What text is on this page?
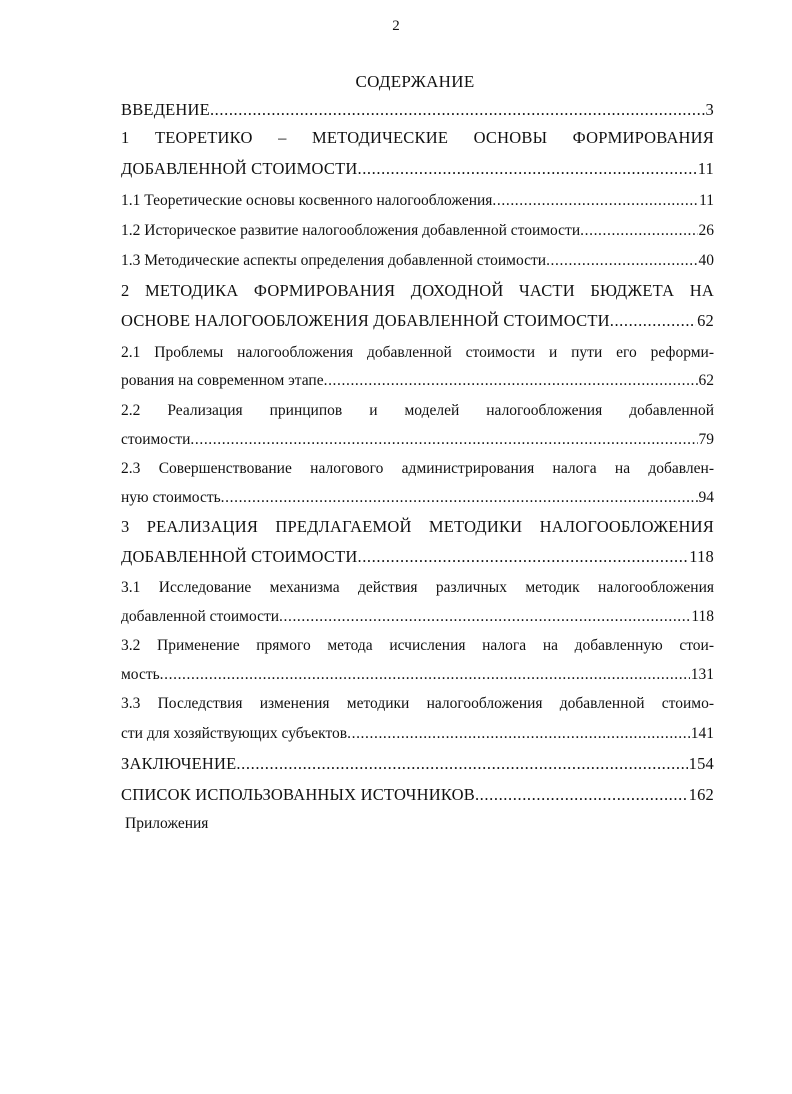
2
СОДЕРЖАНИЕ
ВВЕДЕНИЕ .....	3
1 ТЕОРЕТИКО – МЕТОДИЧЕСКИЕ ОСНОВЫ ФОРМИРОВАНИЯ
ДОБАВЛЕННОЙ СТОИМОСТИ .....	11
1.1 Теоретические основы косвенного налогообложения .....	11
1.2 Историческое развитие налогообложения добавленной стоимости .....	26
1.3 Методические аспекты определения добавленной стоимости .....	40
2 МЕТОДИКА ФОРМИРОВАНИЯ ДОХОДНОЙ ЧАСТИ БЮДЖЕТА НА
ОСНОВЕ НАЛОГООБЛОЖЕНИЯ ДОБАВЛЕННОЙ СТОИМОСТИ .....	62
2.1 Проблемы налогообложения добавленной стоимости и пути его реформи-
рования на современном этапе .....	62
2.2 Реализация принципов и моделей налогообложения добавленной
стоимости .....	79
2.3 Совершенствование налогового администрирования налога на добавлен-
ную стоимость .....	94
3 РЕАЛИЗАЦИЯ ПРЕДЛАГАЕМОЙ МЕТОДИКИ НАЛОГООБЛОЖЕНИЯ
ДОБАВЛЕННОЙ СТОИМОСТИ .....	118
3.1 Исследование механизма действия различных методик налогообложения
добавленной стоимости .....	118
3.2 Применение прямого метода исчисления налога на добавленную стои-
мость .....	131
3.3 Последствия изменения методики налогообложения добавленной стоимо-
сти для хозяйствующих субъектов .....	141
ЗАКЛЮЧЕНИЕ .....	154
СПИСОК ИСПОЛЬЗОВАННЫХ ИСТОЧНИКОВ .....	162
Приложения
